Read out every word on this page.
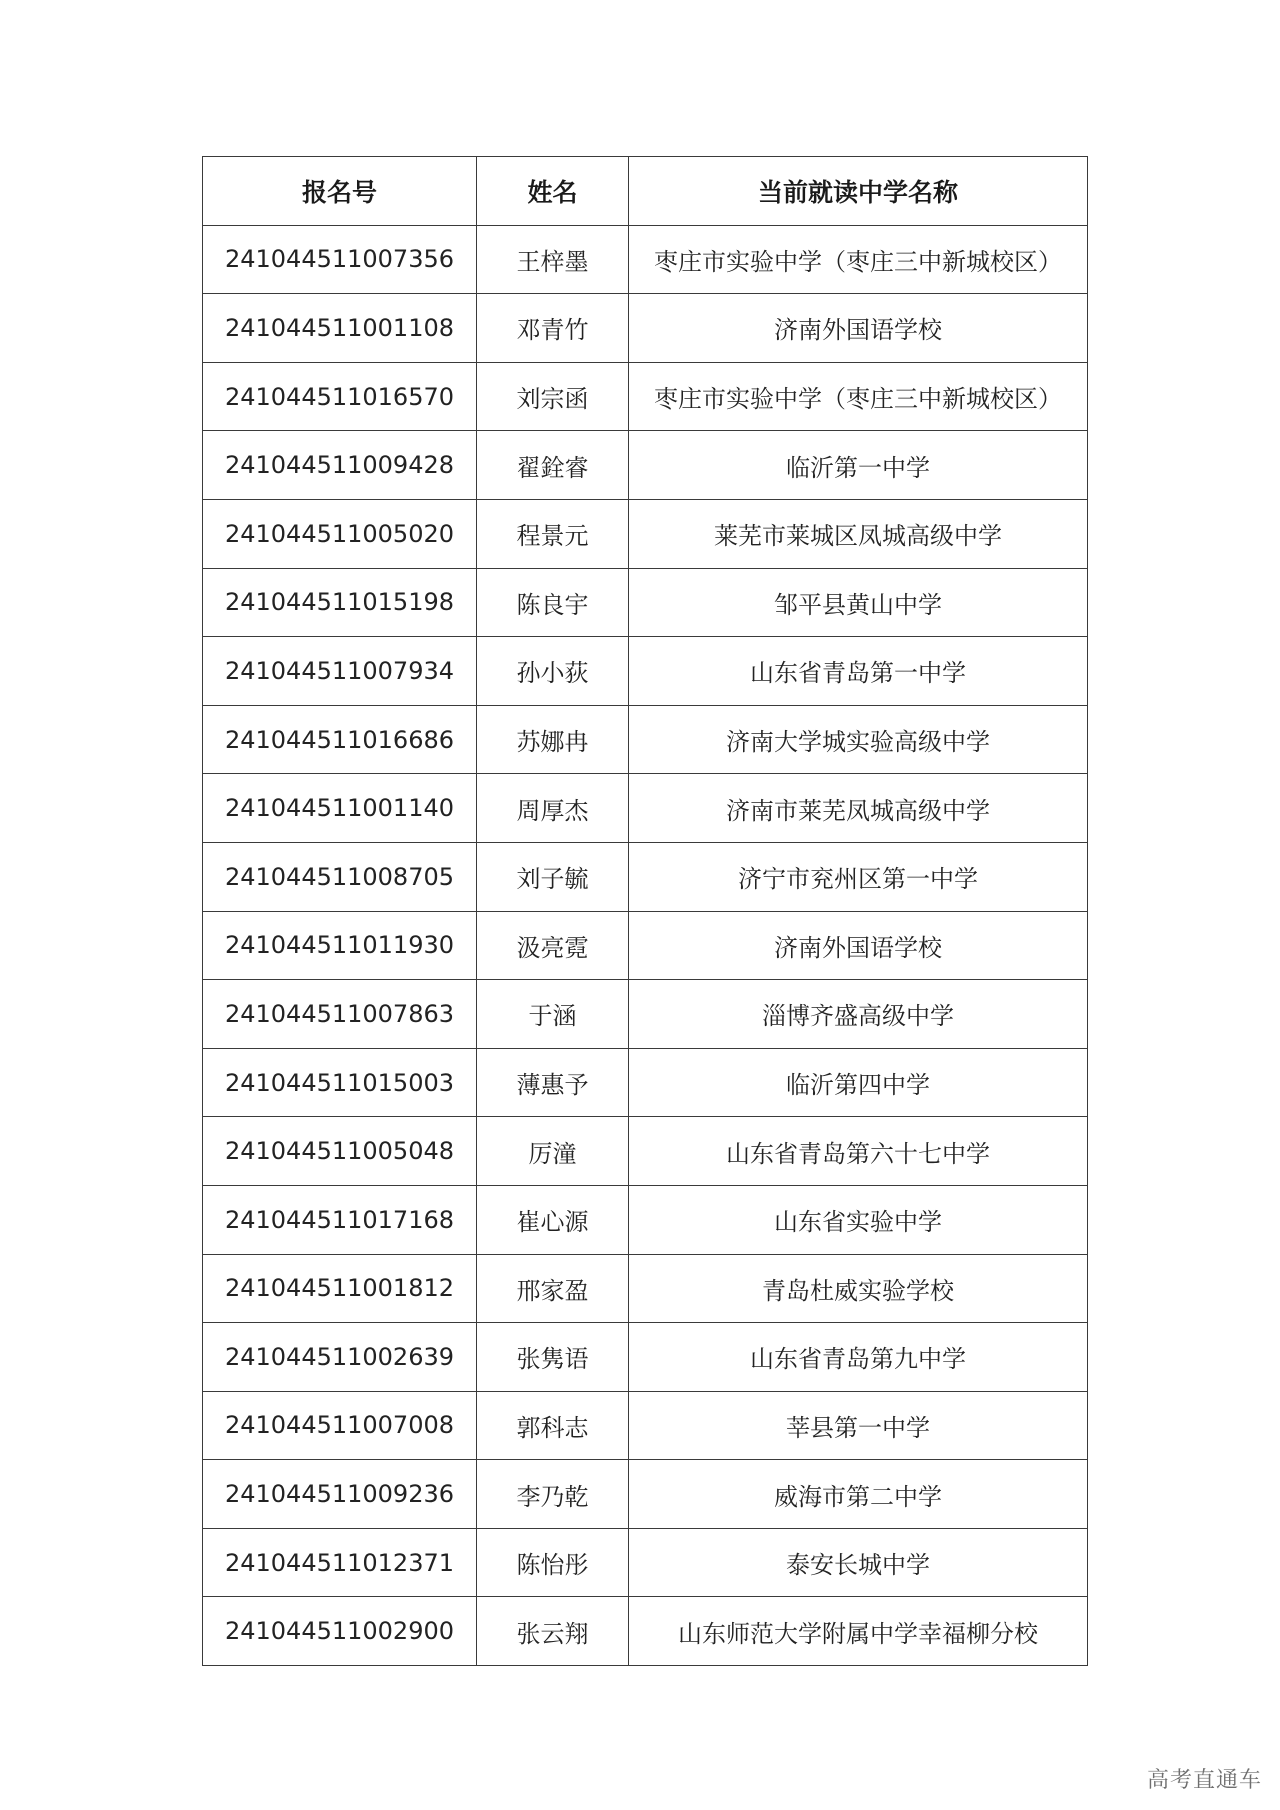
报名号	姓名	当前就读中学名称
241044511007356	王梓墨	枣庄市实验中学（枣庄三中新城校区）
241044511001108	邓青竹	济南外国语学校
241044511016570	刘宗函	枣庄市实验中学（枣庄三中新城校区）
241044511009428	翟銓睿	临沂第一中学
241044511005020	程景元	莱芜市莱城区凤城高级中学
241044511015198	陈良宇	邹平县黄山中学
241044511007934	孙小荻	山东省青岛第一中学
241044511016686	苏娜冉	济南大学城实验高级中学
241044511001140	周厚杰	济南市莱芜凤城高级中学
241044511008705	刘子毓	济宁市兖州区第一中学
241044511011930	汲亮霓	济南外国语学校
241044511007863	于涵	淄博齐盛高级中学
241044511015003	薄惠予	临沂第四中学
241044511005048	厉潼	山东省青岛第六十七中学
241044511017168	崔心源	山东省实验中学
241044511001812	邢家盈	青岛杜威实验学校
241044511002639	张隽语	山东省青岛第九中学
241044511007008	郭科志	莘县第一中学
241044511009236	李乃乾	威海市第二中学
241044511012371	陈怡彤	泰安长城中学
241044511002900	张云翔	山东师范大学附属中学幸福柳分校
高考直通车
